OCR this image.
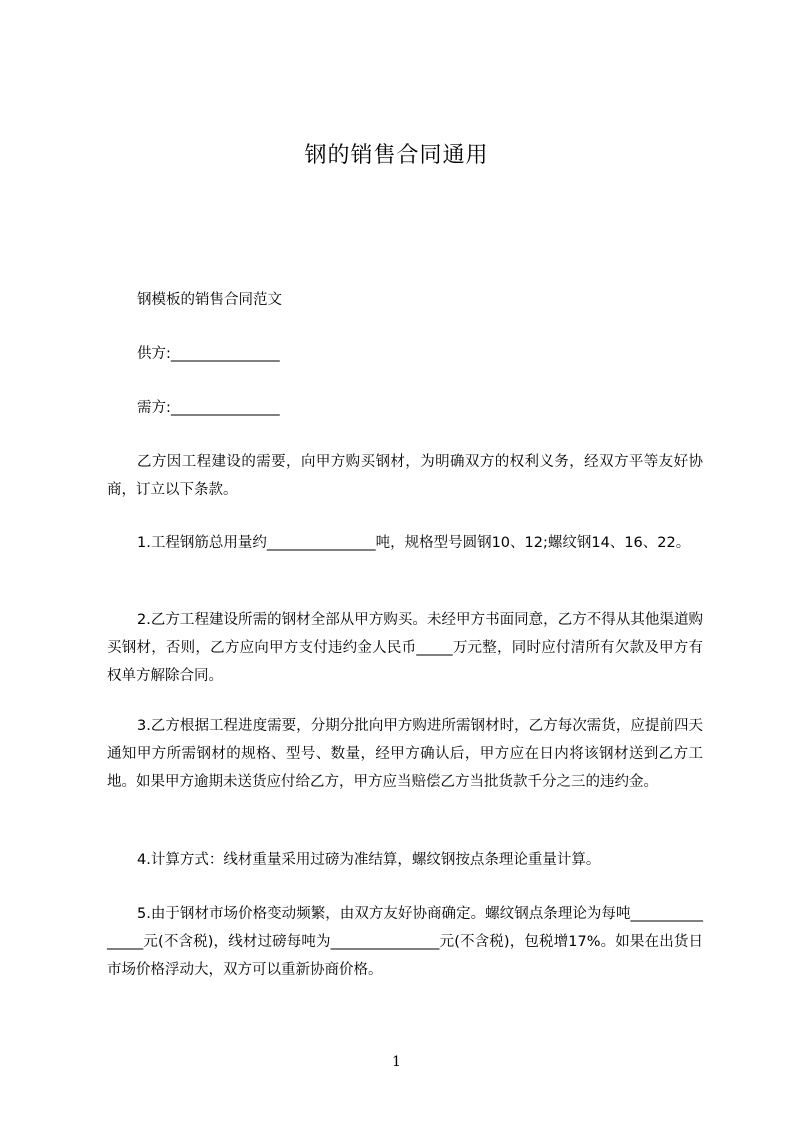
钢的销售合同通用

钢模板的销售合同范文

供方:_______________

需方:_______________

乙方因工程建设的需要，向甲方购买钢材，为明确双方的权利义务，经双方平等友好协商，订立以下条款。

1.工程钢筋总用量约_______________吨，规格型号圆钢10、12;螺纹钢14、16、22。

2.乙方工程建设所需的钢材全部从甲方购买。未经甲方书面同意，乙方不得从其他渠道购买钢材，否则，乙方应向甲方支付违约金人民币_____万元整，同时应付清所有欠款及甲方有权单方解除合同。

3.乙方根据工程进度需要，分期分批向甲方购进所需钢材时，乙方每次需货，应提前四天通知甲方所需钢材的规格、型号、数量，经甲方确认后，甲方应在日内将该钢材送到乙方工地。如果甲方逾期未送货应付给乙方，甲方应当赔偿乙方当批货款千分之三的违约金。

4.计算方式：线材重量采用过磅为准结算，螺纹钢按点条理论重量计算。

5.由于钢材市场价格变动频繁，由双方友好协商确定。螺纹钢点条理论为每吨_______________元(不含税)，线材过磅每吨为_______________元(不含税)，包税增17%。如果在出货日市场价格浮动大，双方可以重新协商价格。

1
